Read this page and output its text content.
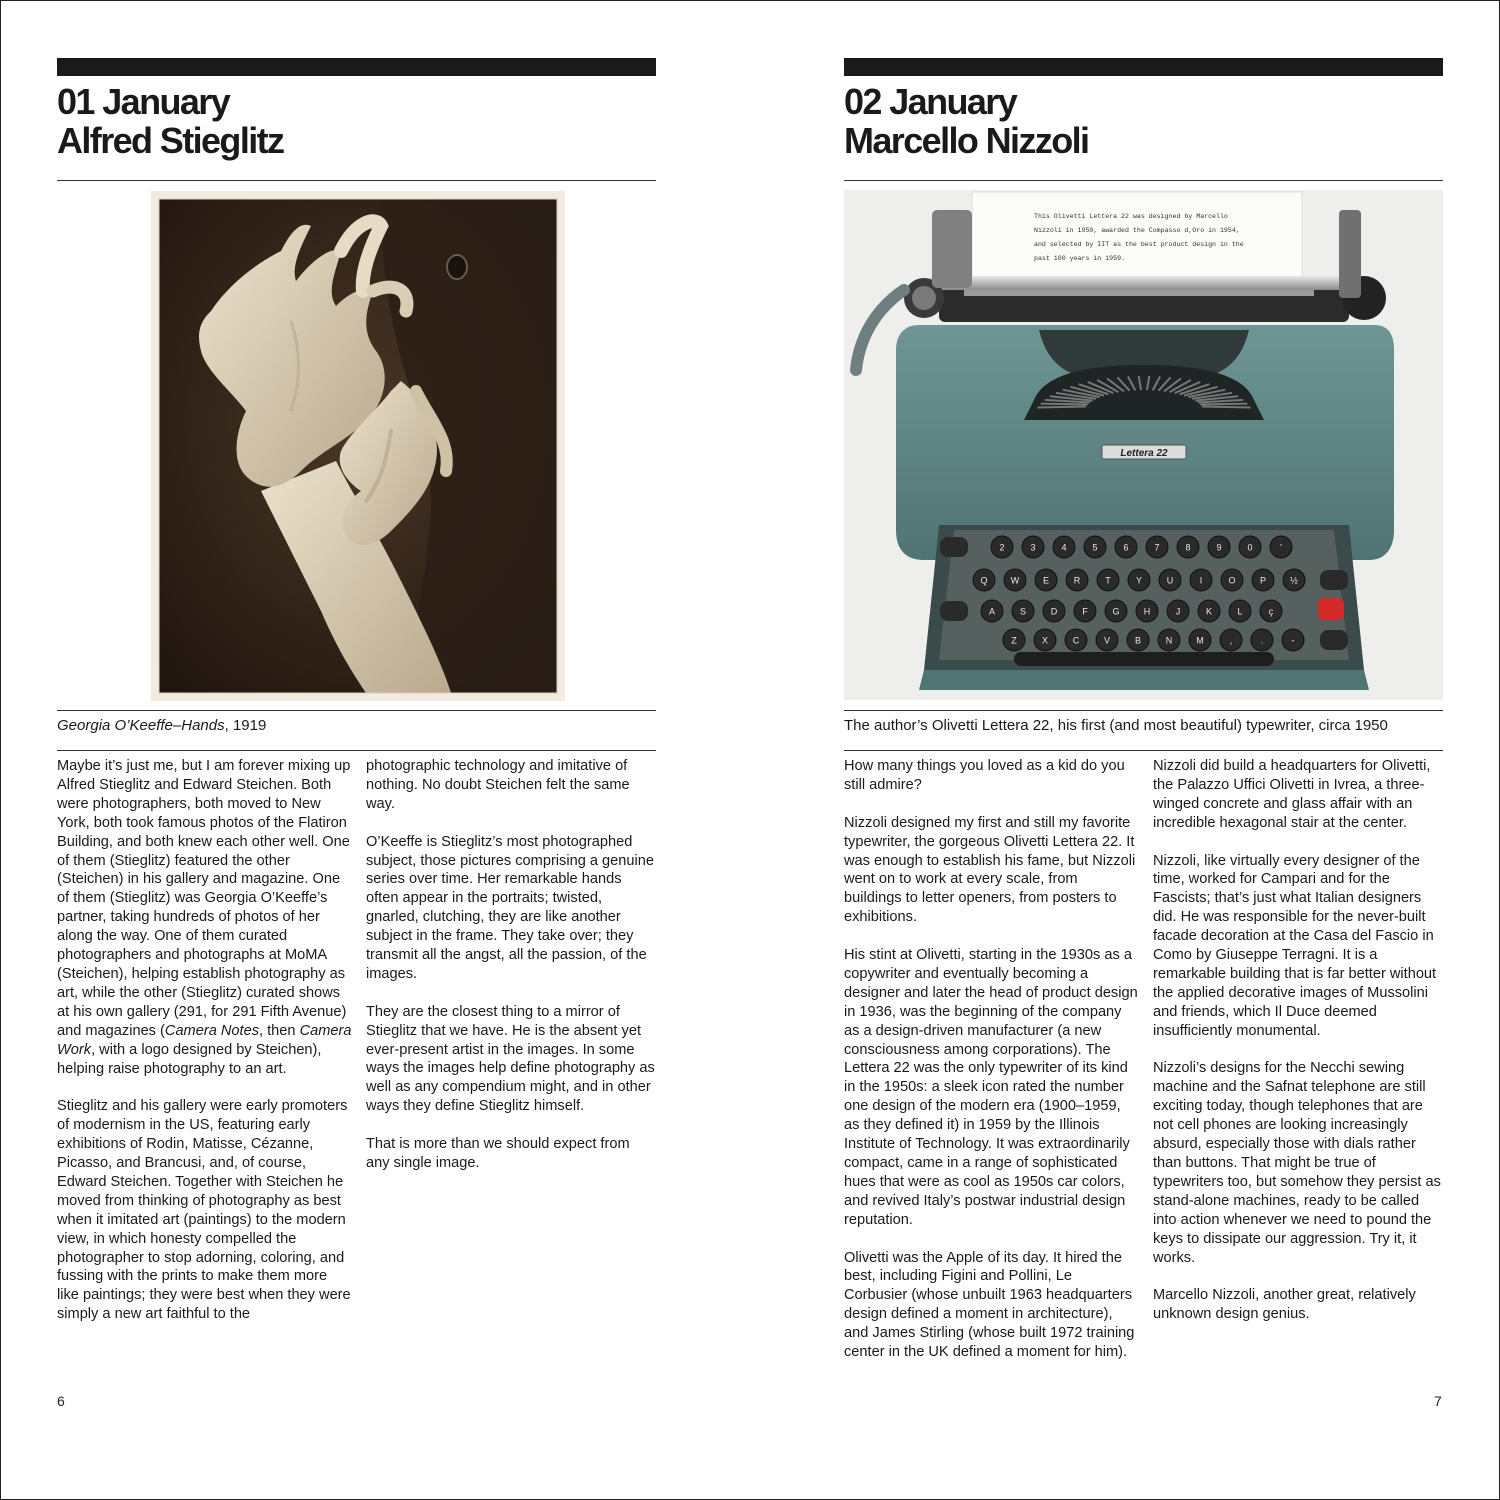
01 January
Alfred Stieglitz
Georgia O’Keeffe–Hands, 1919

Maybe it’s just me, but I am forever mixing up Alfred Stieglitz and Edward Steichen. Both were photographers, both moved to New York, both took famous photos of the Flatiron Building, and both knew each other well. One of them (Stieglitz) featured the other (Steichen) in his gallery and magazine. One of them (Stieglitz) was Georgia O’Keeffe’s partner, taking hundreds of photos of her along the way. One of them curated photographers and photographs at MoMA (Steichen), helping establish photography as art, while the other (Stieglitz) curated shows at his own gallery (291, for 291 Fifth Avenue) and magazines (Camera Notes, then Camera Work, with a logo designed by Steichen), helping raise photography to an art.

Stieglitz and his gallery were early promoters of modernism in the US, featuring early exhibitions of Rodin, Matisse, Cézanne, Picasso, and Brancusi, and, of course, Edward Steichen. Together with Steichen he moved from thinking of photography as best when it imitated art (paintings) to the modern view, in which honesty compelled the photographer to stop adorning, coloring, and fussing with the prints to make them more like paintings; they were best when they were simply a new art faithful to the

photographic technology and imitative of nothing. No doubt Steichen felt the same way.

O’Keeffe is Stieglitz’s most photographed subject, those pictures comprising a genuine series over time. Her remarkable hands often appear in the portraits; twisted, gnarled, clutching, they are like another subject in the frame. They take over; they transmit all the angst, all the passion, of the images.

They are the closest thing to a mirror of Stieglitz that we have. He is the absent yet ever-present artist in the images. In some ways the images help define photography as well as any compendium might, and in other ways they define Stieglitz himself.

That is more than we should expect from any single image.

6
02 January
Marcello Nizzoli
This Olivetti Lettera 22 was designed by Marcello
Nizzoli in 1950, awarded the Compasso d,Oro in 1954,
and selected by IIT as the best product design in the
past 100 years in 1959.
Lettera 22
2	3	4	5	6	7	8	9	0	'
Q	W	E	R	T	Y	U	I	O	P	½
A	S	D	F	G	H	J	K	L	ç
Z	X	C	V	B	N	M	,	.	-
The author’s Olivetti Lettera 22, his first (and most beautiful) typewriter, circa 1950

How many things you loved as a kid do you still admire?

Nizzoli designed my first and still my favorite typewriter, the gorgeous Olivetti Lettera 22. It was enough to establish his fame, but Nizzoli went on to work at every scale, from buildings to letter openers, from posters to exhibitions.

His stint at Olivetti, starting in the 1930s as a copywriter and eventually becoming a designer and later the head of product design in 1936, was the beginning of the company as a design-driven manufacturer (a new consciousness among corporations). The Lettera 22 was the only typewriter of its kind in the 1950s: a sleek icon rated the number one design of the modern era (1900–1959, as they defined it) in 1959 by the Illinois Institute of Technology. It was extraordinarily compact, came in a range of sophisticated hues that were as cool as 1950s car colors, and revived Italy’s postwar industrial design reputation.

Olivetti was the Apple of its day. It hired the best, including Figini and Pollini, Le Corbusier (whose unbuilt 1963 headquarters design defined a moment in architecture), and James Stirling (whose built 1972 training center in the UK defined a moment for him).

Nizzoli did build a headquarters for Olivetti, the Palazzo Uffici Olivetti in Ivrea, a three-winged concrete and glass affair with an incredible hexagonal stair at the center.

Nizzoli, like virtually every designer of the time, worked for Campari and for the Fascists; that’s just what Italian designers did. He was responsible for the never-built facade decoration at the Casa del Fascio in Como by Giuseppe Terragni. It is a remarkable building that is far better without the applied decorative images of Mussolini and friends, which Il Duce deemed insufficiently monumental.

Nizzoli’s designs for the Necchi sewing machine and the Safnat telephone are still exciting today, though telephones that are not cell phones are looking increasingly absurd, especially those with dials rather than buttons. That might be true of typewriters too, but somehow they persist as stand-alone machines, ready to be called into action whenever we need to pound the keys to dissipate our aggression. Try it, it works.

Marcello Nizzoli, another great, relatively unknown design genius.

7
